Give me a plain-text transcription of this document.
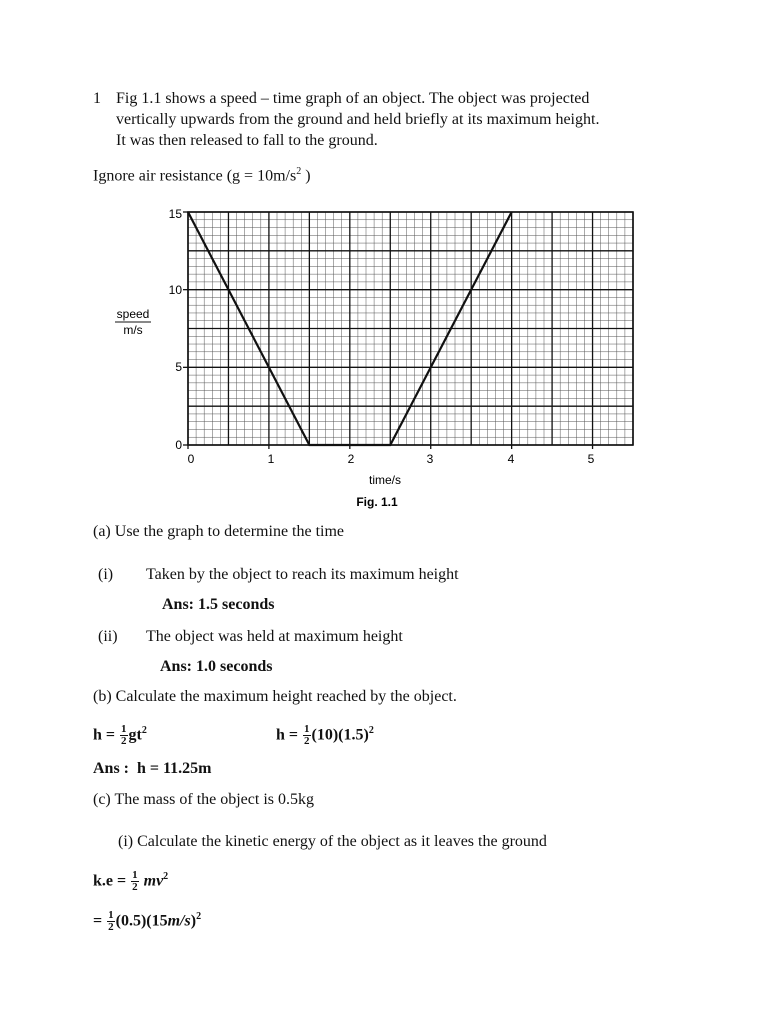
1 Fig 1.1 shows a speed – time graph of an object. The object was projected
vertically upwards from the ground and held briefly at its maximum height.
It was then released to fall to the ground.
Ignore air resistance ($g = 10m/s^2$ )
0
5
10
15
0	1	2	3	4	5
speed
m/s
time/s
Fig. 1.1
(a) Use the graph to determine the time
(i) Taken by the object to reach its maximum height
Ans: 1.5 seconds
(ii) The object was held at maximum height
Ans: 1.0 seconds
(b) Calculate the maximum height reached by the object.
$h = \frac{1}{2} gt^2$	$h = \frac{1}{2} (10)(1.5)^2$
Ans :  h = 11.25m
(c) The mass of the object is 0.5kg
(i) Calculate the kinetic energy of the object as it leaves the ground
$k.e = \frac{1}{2} mv^2$
= $\frac{1}{2} (0.5)(15m/s)^2$
